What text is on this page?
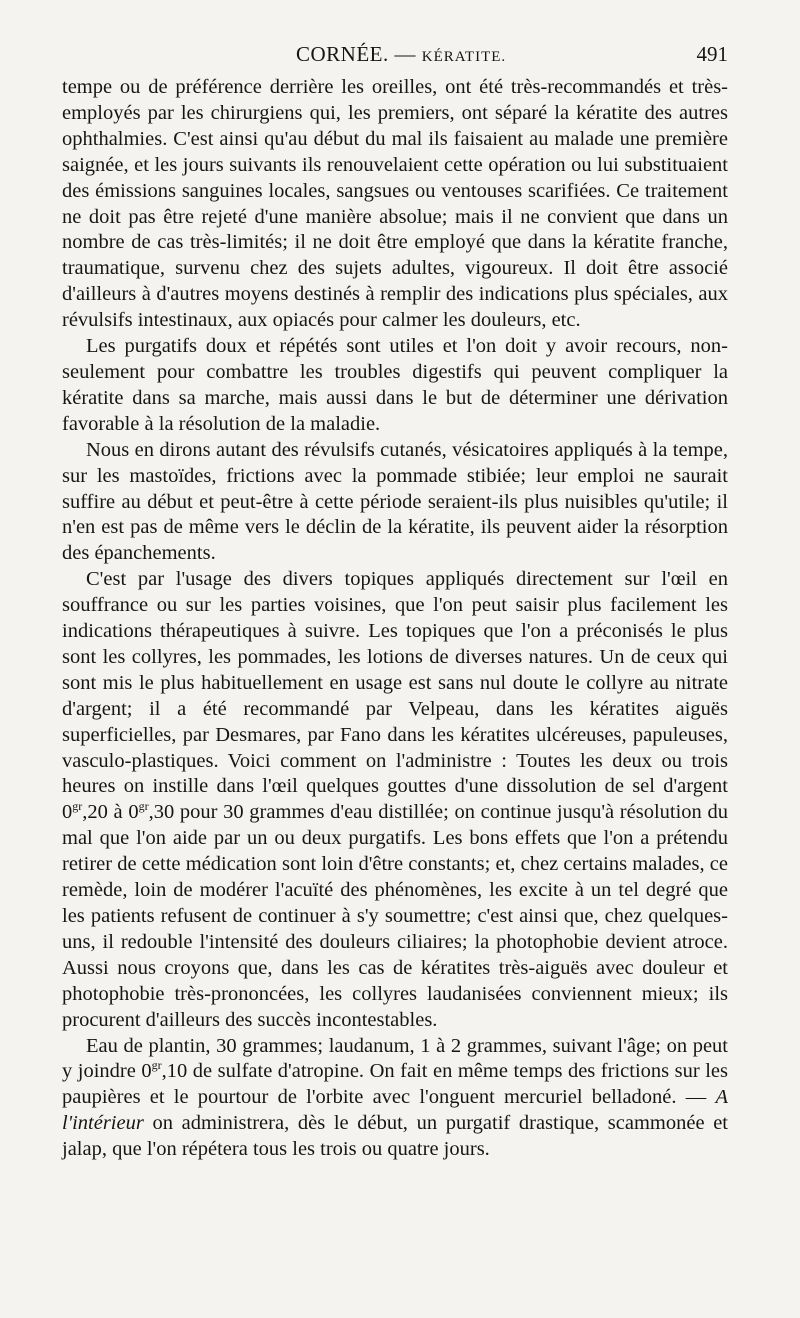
CORNÉE. — KÉRATITE.	491

tempe ou de préférence derrière les oreilles, ont été très-recommandés et très-employés par les chirurgiens qui, les premiers, ont séparé la kératite des autres ophthalmies. C'est ainsi qu'au début du mal ils faisaient au malade une première saignée, et les jours suivants ils renouvelaient cette opération ou lui substituaient des émissions sanguines locales, sangsues ou ventouses scarifiées. Ce traitement ne doit pas être rejeté d'une manière absolue; mais il ne convient que dans un nombre de cas très-limités; il ne doit être employé que dans la kératite franche, traumatique, survenu chez des sujets adultes, vigoureux. Il doit être associé d'ailleurs à d'autres moyens destinés à remplir des indications plus spéciales, aux révulsifs intestinaux, aux opiacés pour calmer les douleurs, etc.

Les purgatifs doux et répétés sont utiles et l'on doit y avoir recours, non-seulement pour combattre les troubles digestifs qui peuvent compliquer la kératite dans sa marche, mais aussi dans le but de déterminer une dérivation favorable à la résolution de la maladie.

Nous en dirons autant des révulsifs cutanés, vésicatoires appliqués à la tempe, sur les mastoïdes, frictions avec la pommade stibiée; leur emploi ne saurait suffire au début et peut-être à cette période seraient-ils plus nuisibles qu'utile; il n'en est pas de même vers le déclin de la kératite, ils peuvent aider la résorption des épanchements.

C'est par l'usage des divers topiques appliqués directement sur l'œil en souffrance ou sur les parties voisines, que l'on peut saisir plus facilement les indications thérapeutiques à suivre. Les topiques que l'on a préconisés le plus sont les collyres, les pommades, les lotions de diverses natures. Un de ceux qui sont mis le plus habituellement en usage est sans nul doute le collyre au nitrate d'argent; il a été recommandé par Velpeau, dans les kératites aiguës superficielles, par Desmares, par Fano dans les kératites ulcéreuses, papuleuses, vasculo-plastiques. Voici comment on l'administre : Toutes les deux ou trois heures on instille dans l'œil quelques gouttes d'une dissolution de sel d'argent $0^{gr},20$ à $0^{gr},30$ pour 30 grammes d'eau distillée; on continue jusqu'à résolution du mal que l'on aide par un ou deux purgatifs. Les bons effets que l'on a prétendu retirer de cette médication sont loin d'être constants; et, chez certains malades, ce remède, loin de modérer l'acuïté des phénomènes, les excite à un tel degré que les patients refusent de continuer à s'y soumettre; c'est ainsi que, chez quelques-uns, il redouble l'intensité des douleurs ciliaires; la photophobie devient atroce. Aussi nous croyons que, dans les cas de kératites très-aiguës avec douleur et photophobie très-prononcées, les collyres laudanisées conviennent mieux; ils procurent d'ailleurs des succès incontestables.

Eau de plantin, 30 grammes; laudanum, 1 à 2 grammes, suivant l'âge; on peut y joindre $0^{gr},10$ de sulfate d'atropine. On fait en même temps des frictions sur les paupières et le pourtour de l'orbite avec l'onguent mercuriel belladoné. — A l'intérieur on administrera, dès le début, un purgatif drastique, scammonée et jalap, que l'on répétera tous les trois ou quatre jours.
